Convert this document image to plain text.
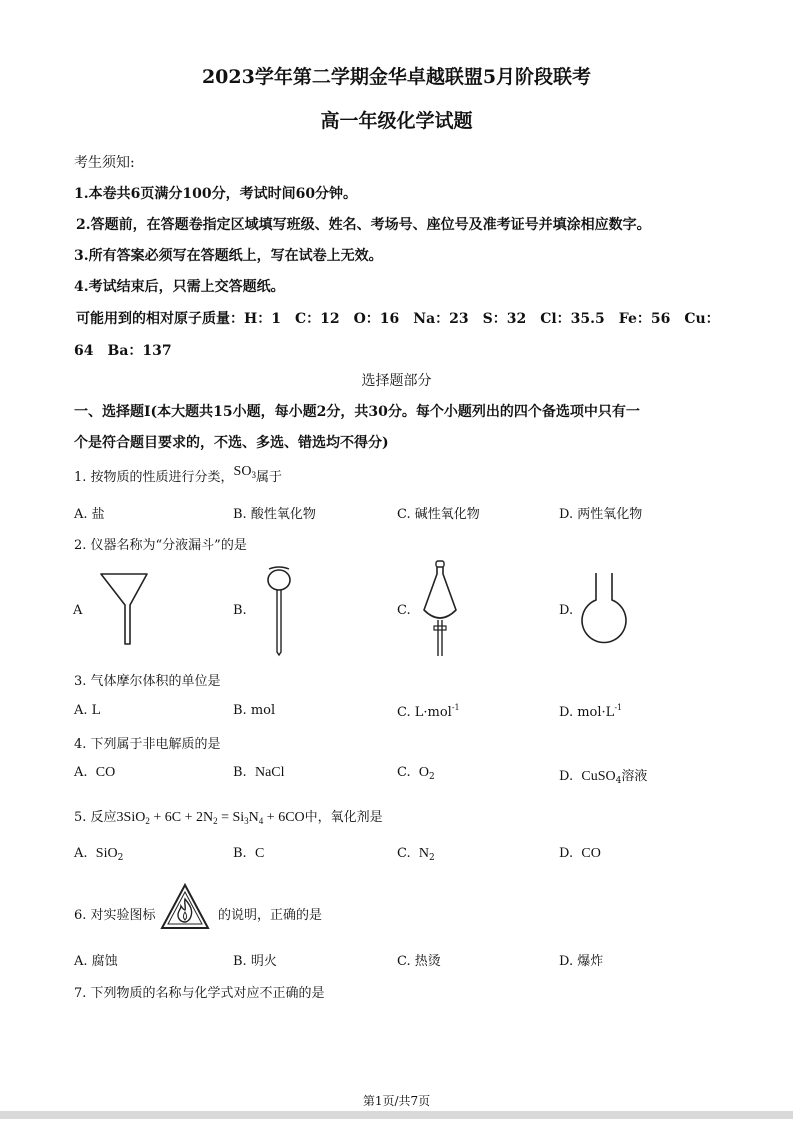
2023学年第二学期金华卓越联盟5月阶段联考
高一年级化学试题
考生须知:
1.本卷共6页满分100分，考试时间60分钟。
2.答题前，在答题卷指定区域填写班级、姓名、考场号、座位号及准考证号并填涂相应数字。
3.所有答案必须写在答题纸上，写在试卷上无效。
4.考试结束后，只需上交答题纸。
可能用到的相对原子质量：H：1　C：12　O：16　Na：23　S：32　Cl：35.5　Fe：56　Cu：
64　Ba：137
选择题部分
一、选择题Ⅰ(本大题共15小题，每小题2分，共30分。每个小题列出的四个备选项中只有一
个是符合题目要求的，不选、多选、错选均不得分)
1. 按物质的性质进行分类，$SO_3$属于
A. 盐	B. 酸性氧化物	C. 碱性氧化物	D. 两性氧化物
2. 仪器名称为“分液漏斗”的是
A	B.	C.	D.
3. 气体摩尔体积的单位是
A. L	B. mol	C. L·mol$^{-1}$	D. $mol\cdot L^{-1}$
4. 下列属于非电解质的是
A. CO	B. NaCl	C. $O_2$	D. CuSO$_4$溶液
5. 反应$3SiO_2 + 6C + 2N_2 = Si_3N_4 + 6CO$中，氧化剂是
A. SiO$_2$	B. C	C. $N_2$	D. CO
6. 对实验图标	的说明，正确的是
A. 腐蚀	B. 明火	C. 热烫	D. 爆炸
7. 下列物质的名称与化学式对应不正确的是
第1页/共7页
